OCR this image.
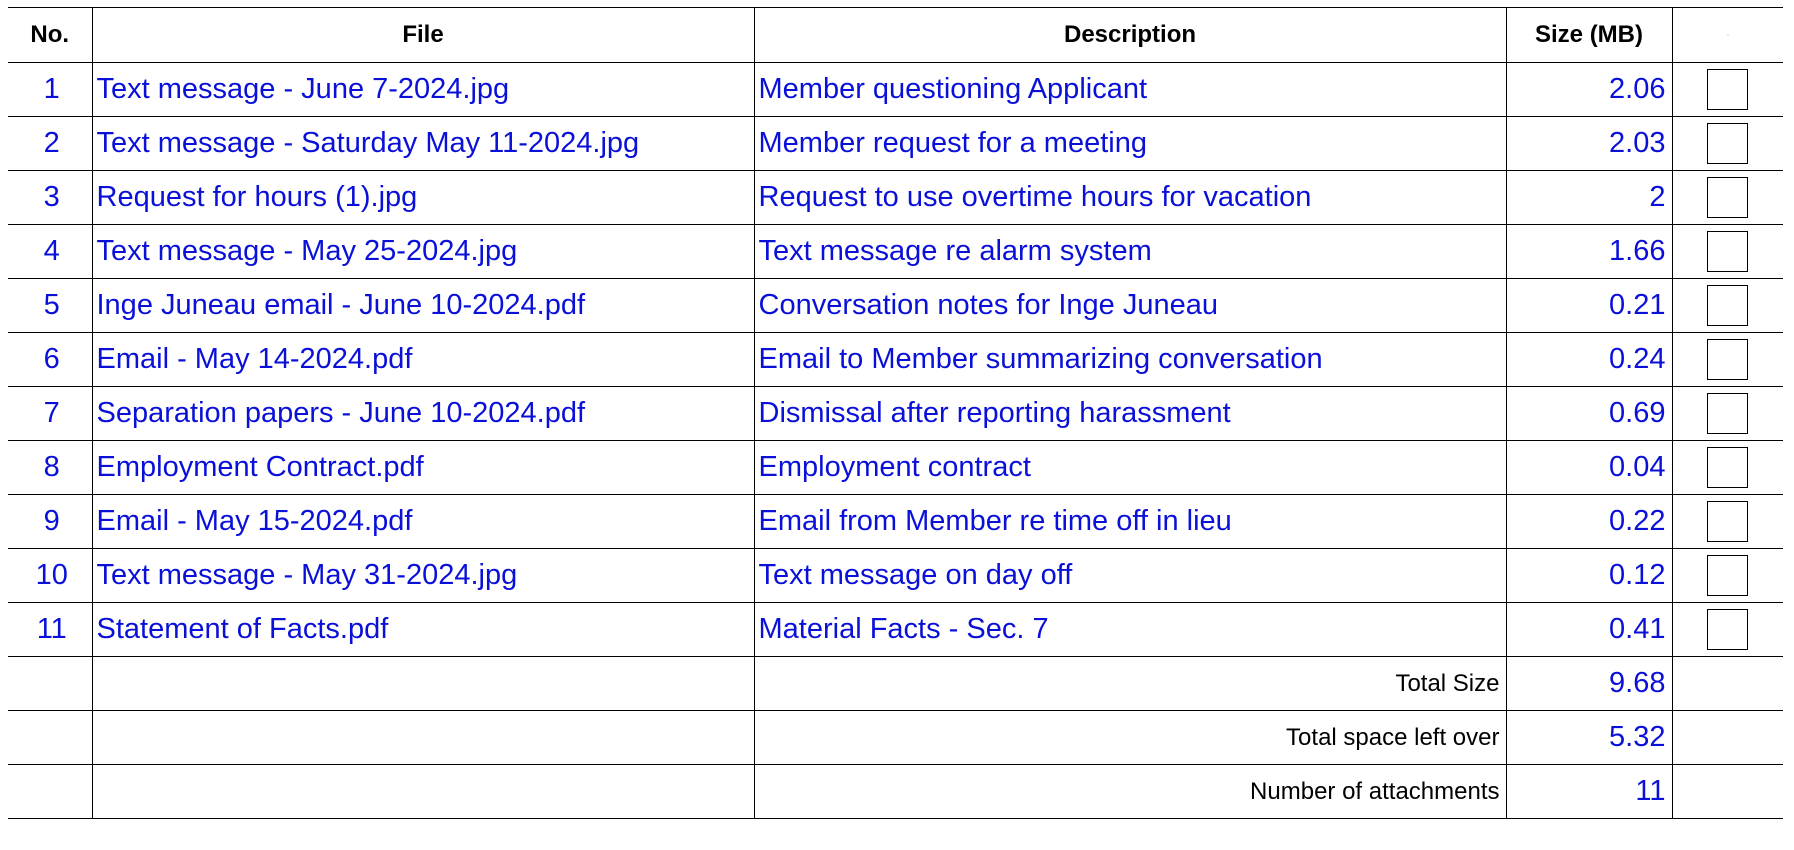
No.	File	Description	Size (MB)	-
1	Text message - June 7-2024.jpg	Member questioning Applicant	2.06	
2	Text message - Saturday May 11-2024.jpg	Member request for a meeting	2.03	
3	Request for hours (1).jpg	Request to use overtime hours for vacation	2	
4	Text message - May 25-2024.jpg	Text message re alarm system	1.66	
5	Inge Juneau email - June 10-2024.pdf	Conversation notes for Inge Juneau	0.21	
6	Email - May 14-2024.pdf	Email to Member summarizing conversation	0.24	
7	Separation papers - June 10-2024.pdf	Dismissal after reporting harassment	0.69	
8	Employment Contract.pdf	Employment contract	0.04	
9	Email - May 15-2024.pdf	Email from Member re time off in lieu	0.22	
10	Text message - May 31-2024.jpg	Text message on day off	0.12	
11	Statement of Facts.pdf	Material Facts - Sec. 7	0.41	
		Total Size	9.68	
		Total space left over	5.32	
		Number of attachments	11	
